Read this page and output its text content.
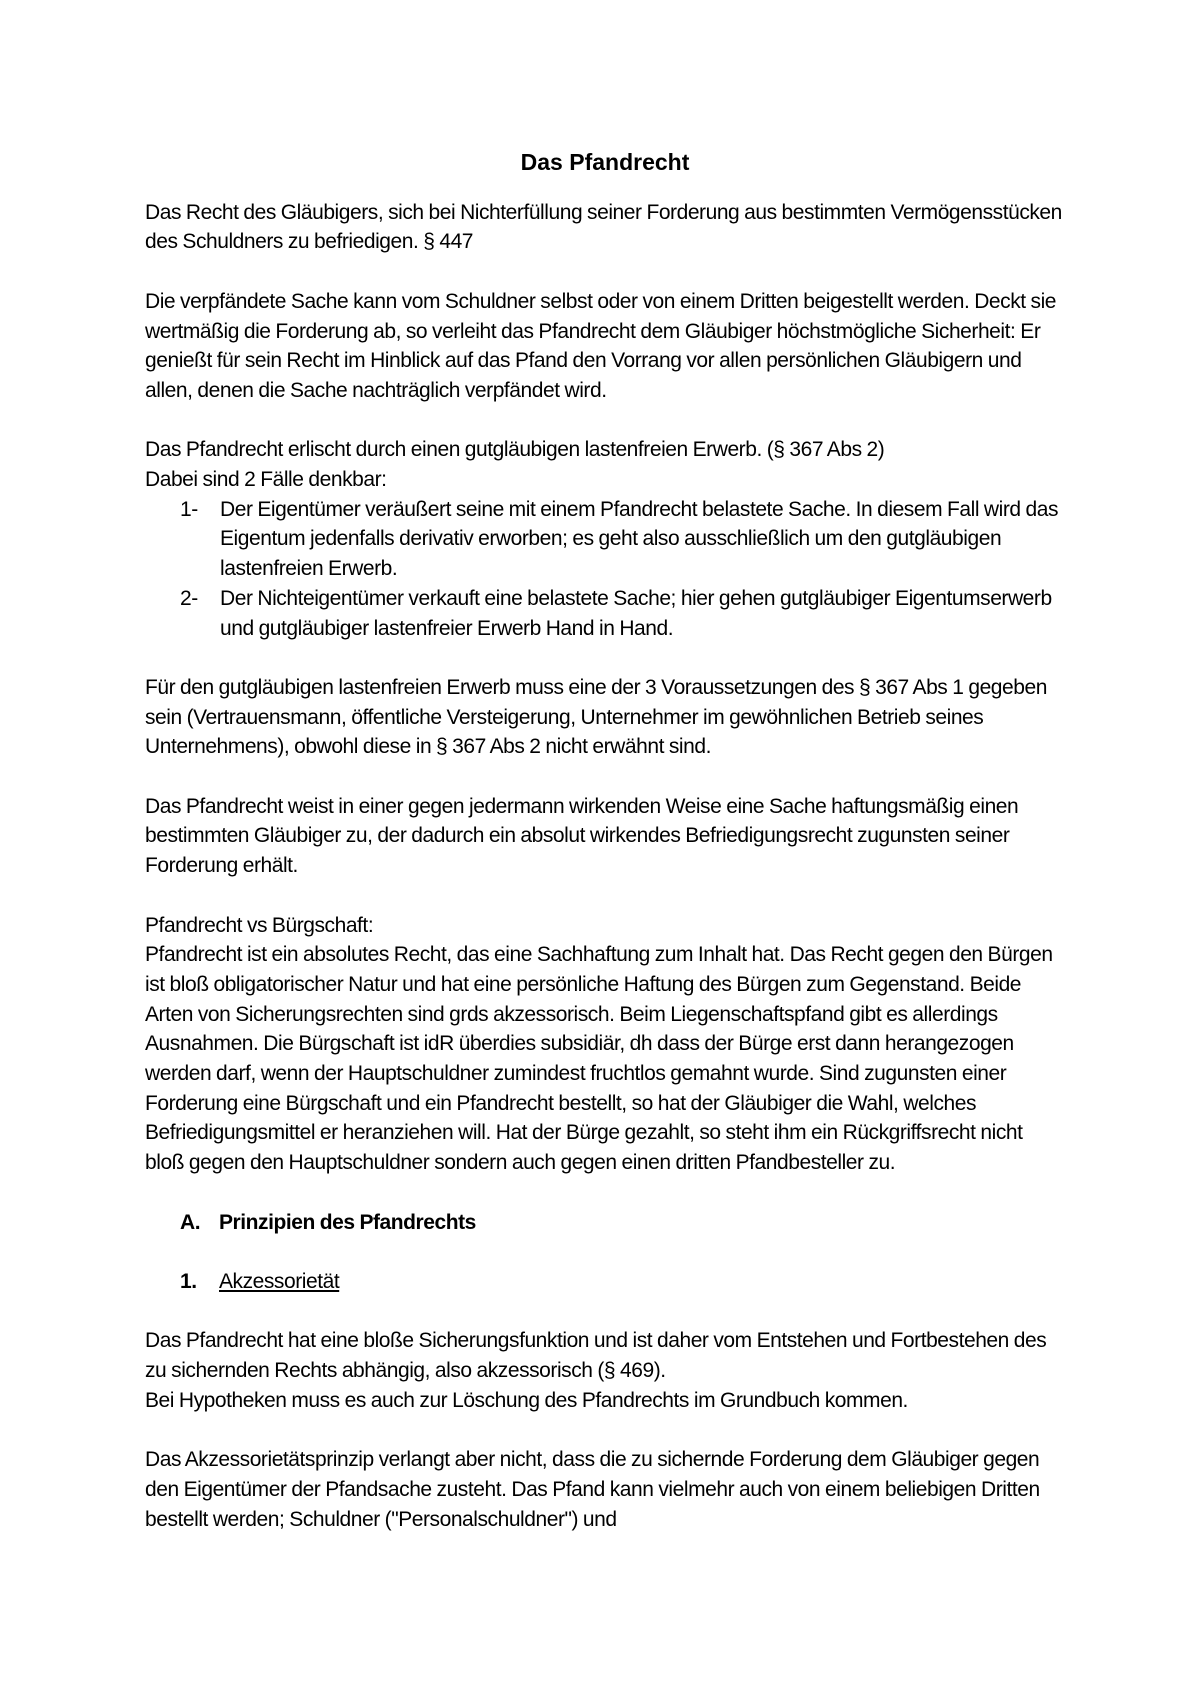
Das Pfandrecht

Das Recht des Gläubigers, sich bei Nichterfüllung seiner Forderung aus bestimmten Vermögensstücken des Schuldners zu befriedigen. § 447

Die verpfändete Sache kann vom Schuldner selbst oder von einem Dritten beigestellt werden. Deckt sie wertmäßig die Forderung ab, so verleiht das Pfandrecht dem Gläubiger höchstmögliche Sicherheit: Er genießt für sein Recht im Hinblick auf das Pfand den Vorrang vor allen persönlichen Gläubigern und allen, denen die Sache nachträglich verpfändet wird.

Das Pfandrecht erlischt durch einen gutgläubigen lastenfreien Erwerb. (§ 367 Abs 2)
Dabei sind 2 Fälle denkbar:
1-	Der Eigentümer veräußert seine mit einem Pfandrecht belastete Sache. In diesem Fall wird das Eigentum jedenfalls derivativ erworben; es geht also ausschließlich um den gutgläubigen lastenfreien Erwerb.
2-	Der Nichteigentümer verkauft eine belastete Sache; hier gehen gutgläubiger Eigentumserwerb und gutgläubiger lastenfreier Erwerb Hand in Hand.

Für den gutgläubigen lastenfreien Erwerb muss eine der 3 Voraussetzungen des § 367 Abs 1 gegeben sein (Vertrauensmann, öffentliche Versteigerung, Unternehmer im gewöhnlichen Betrieb seines Unternehmens), obwohl diese in § 367 Abs 2 nicht erwähnt sind.

Das Pfandrecht weist in einer gegen jedermann wirkenden Weise eine Sache haftungsmäßig einen bestimmten Gläubiger zu, der dadurch ein absolut wirkendes Befriedigungsrecht zugunsten seiner Forderung erhält.

Pfandrecht vs Bürgschaft:
Pfandrecht ist ein absolutes Recht, das eine Sachhaftung zum Inhalt hat. Das Recht gegen den Bürgen ist bloß obligatorischer Natur und hat eine persönliche Haftung des Bürgen zum Gegenstand. Beide Arten von Sicherungsrechten sind grds akzessorisch. Beim Liegenschaftspfand gibt es allerdings Ausnahmen. Die Bürgschaft ist idR überdies subsidiär, dh dass der Bürge erst dann herangezogen werden darf, wenn der Hauptschuldner zumindest fruchtlos gemahnt wurde. Sind zugunsten einer Forderung eine Bürgschaft und ein Pfandrecht bestellt, so hat der Gläubiger die Wahl, welches Befriedigungsmittel er heranziehen will. Hat der Bürge gezahlt, so steht ihm ein Rückgriffsrecht nicht bloß gegen den Hauptschuldner sondern auch gegen einen dritten Pfandbesteller zu.
A. Prinzipien des Pfandrechts
1.	Akzessorietät
Das Pfandrecht hat eine bloße Sicherungsfunktion und ist daher vom Entstehen und Fortbestehen des zu sichernden Rechts abhängig, also akzessorisch (§ 469).
Bei Hypotheken muss es auch zur Löschung des Pfandrechts im Grundbuch kommen.

Das Akzessorietätsprinzip verlangt aber nicht, dass die zu sichernde Forderung dem Gläubiger gegen den Eigentümer der Pfandsache zusteht. Das Pfand kann vielmehr auch von einem beliebigen Dritten bestellt werden; Schuldner ("Personalschuldner") und
